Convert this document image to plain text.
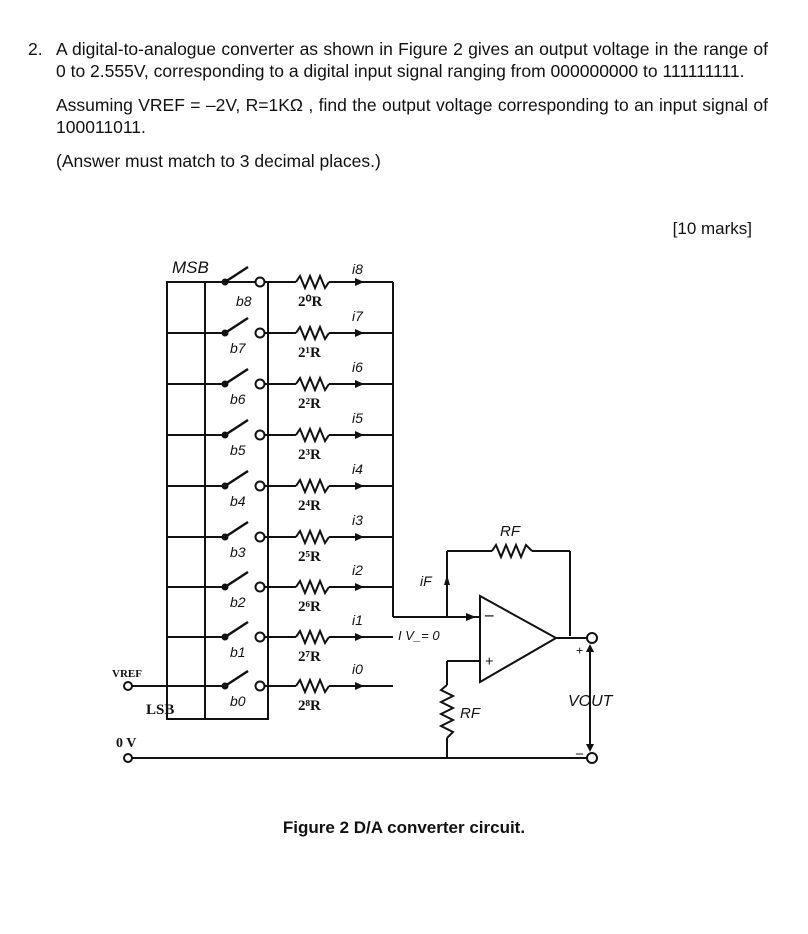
2. A digital-to-analogue converter as shown in Figure 2 gives an output voltage in the range of 0 to 2.555V, corresponding to a digital input signal ranging from 000000000 to 111111111.

Assuming VREF = –2V, R=1KΩ , find the output voltage corresponding to an input signal of 100011011.

(Answer must match to 3 decimal places.)

[10 marks]
2⁰R
b8
i8
2¹R
b7
i7
2²R
b6
i6
2³R
b5
i5
2⁴R
b4
i4
2⁵R
b3
i3
2⁶R
b2
i2
2⁷R
b1
i1
2⁸R
b0
i0
MSB
LSB
VREF
0 V
RF
RF
iF
I V_= 0
–
+
+
–
VOUT
Figure 2 D/A converter circuit.
